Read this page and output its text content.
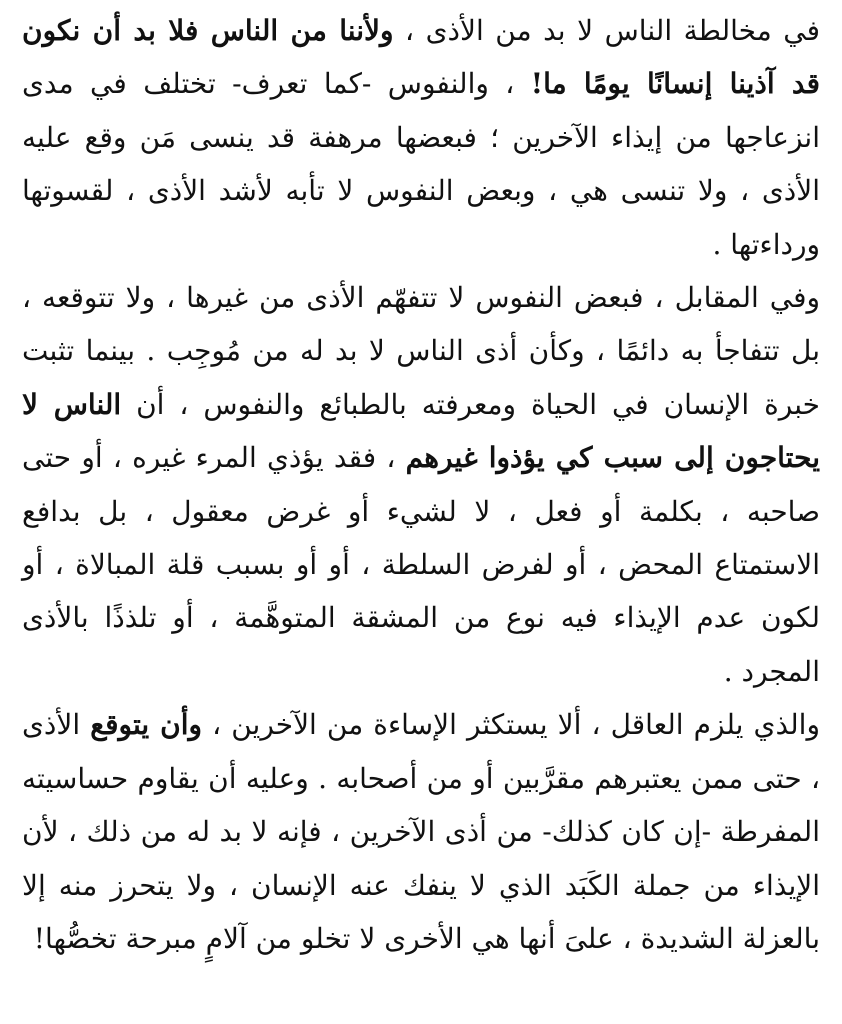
في مخالطة الناس لا بد من الأذى ، ولأننا من الناس فلا بد أن نكون قد آذينا إنسانًا يومًا ما! ، والنفوس -كما تعرف- تختلف في مدى انزعاجها من إيذاء الآخرين ؛ فبعضها مرهفة قد ينسى مَن وقع عليه الأذى ، ولا تنسى هي ، وبعض النفوس لا تأبه لأشد الأذى ، لقسوتها ورداءتها .

وفي المقابل ، فبعض النفوس لا تتفهّم الأذى من غيرها ، ولا تتوقعه ، بل تتفاجأ به دائمًا ، وكأن أذى الناس لا بد له من مُوجِب . بينما تثبت خبرة الإنسان في الحياة ومعرفته بالطبائع والنفوس ، أن الناس لا يحتاجون إلى سبب كي يؤذوا غيرهم ، فقد يؤذي المرء غيره ، أو حتى صاحبه ، بكلمة أو فعل ، لا لشيء أو غرض معقول ، بل بدافع الاستمتاع المحض ، أو لفرض السلطة ، أو أو بسبب قلة المبالاة ، أو لكون عدم الإيذاء فيه نوع من المشقة المتوهَّمة ، أو تلذذًا بالأذى المجرد .

والذي يلزم العاقل ، ألا يستكثر الإساءة من الآخرين ، وأن يتوقع الأذى ، حتى ممن يعتبرهم مقرَّبين أو من أصحابه . وعليه أن يقاوم حساسيته المفرطة -إن كان كذلك- من أذى الآخرين ، فإنه لا بد له من ذلك ، لأن الإيذاء من جملة الكَبَد الذي لا ينفك عنه الإنسان ، ولا يتحرز منه إلا بالعزلة الشديدة ، علىَ أنها هي الأخرى لا تخلو من آلامٍ مبرحة تخصُّها!
